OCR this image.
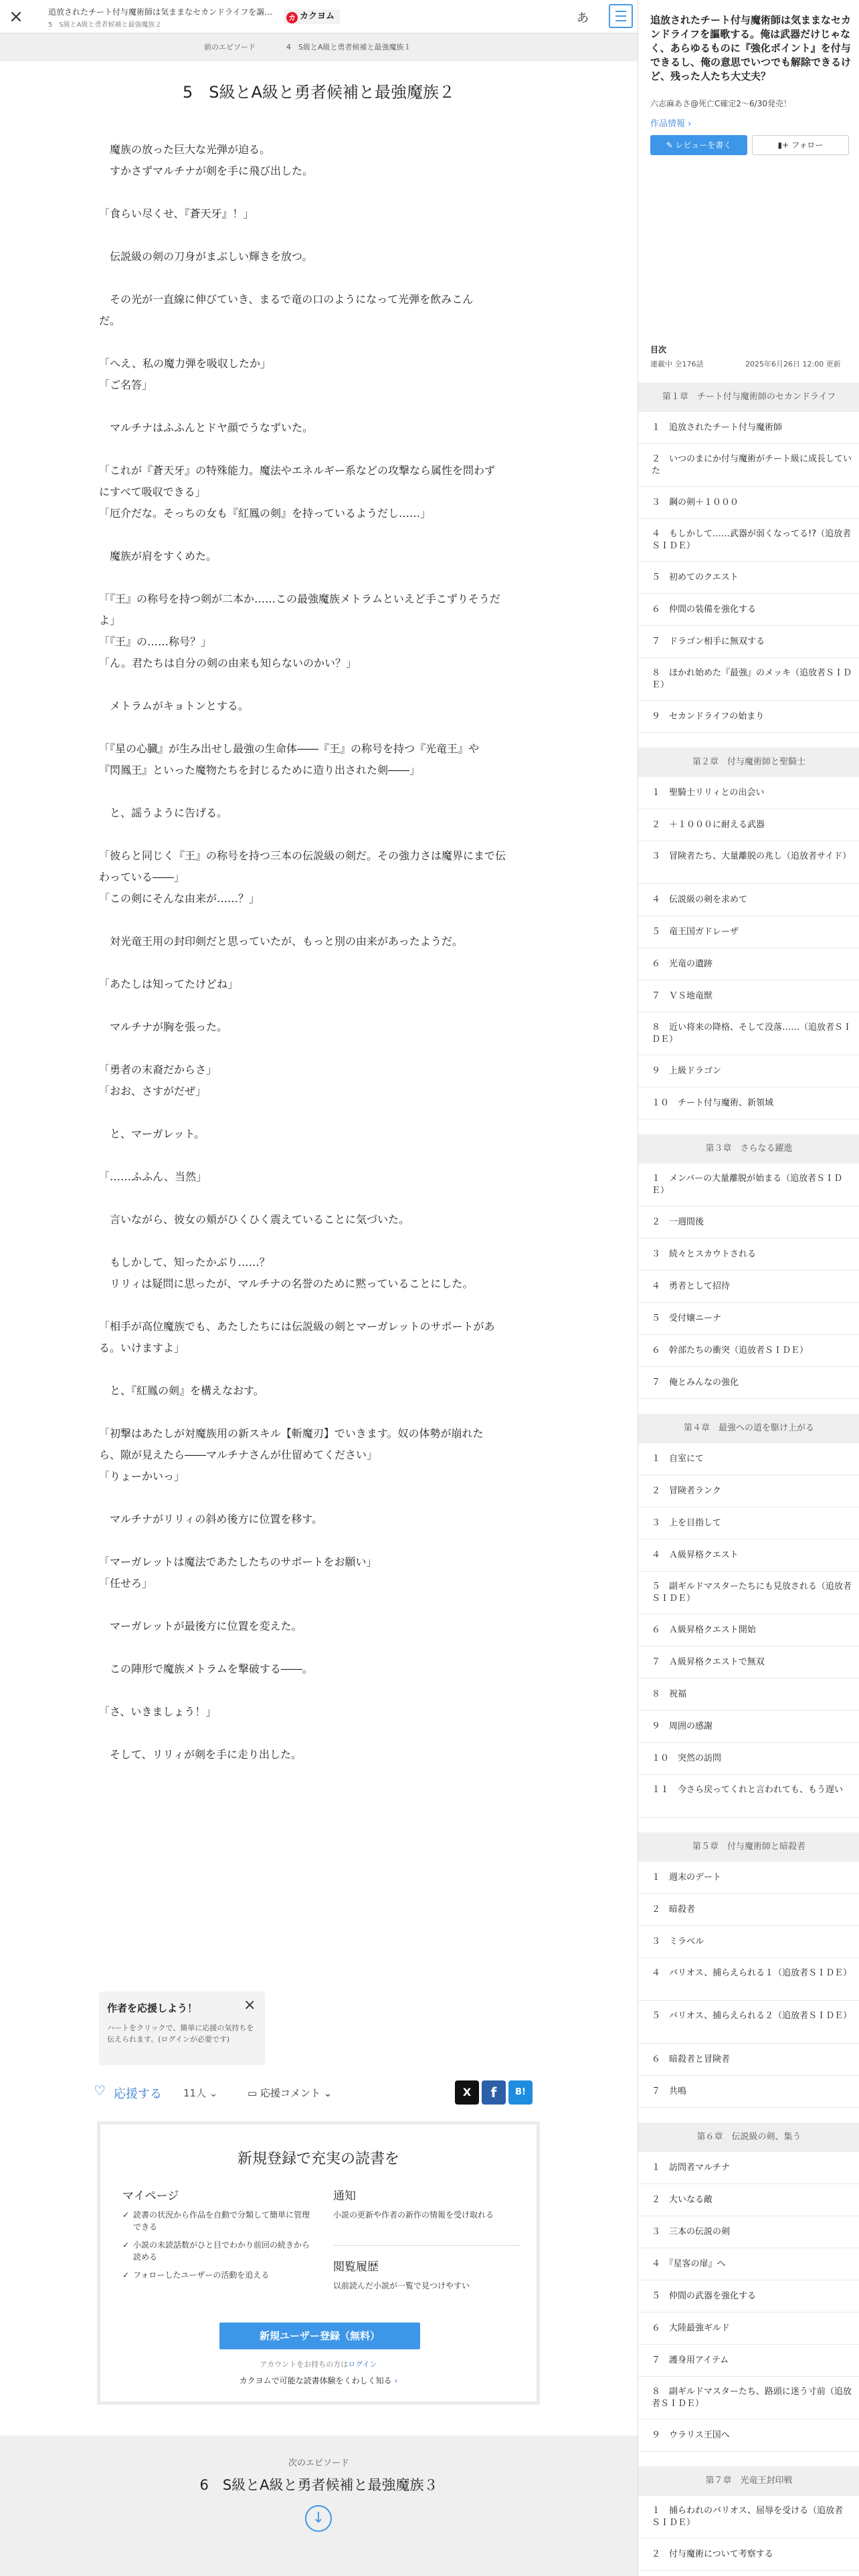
×	追放されたチート付与魔術師は気ままなセカンドライフを謳…
5　S級とA級と勇者候補と最強魔族２
カ カクヨム	あ
前のエピソード	4　S級とA級と勇者候補と最強魔族１
5　S級とA級と勇者候補と最強魔族２

　魔族の放った巨大な光弾が迫る。

　すかさずマルチナが剣を手に飛び出した。

「食らい尽くせ、『蒼天牙』！」

　伝説級の剣の刀身がまぶしい輝きを放つ。

　その光が一直線に伸びていき、まるで竜の口のようになって光弾を飲みこん

だ。

「へえ、私の魔力弾を吸収したか」

「ご名答」

　マルチナはふふんとドヤ顔でうなずいた。

「これが『蒼天牙』の特殊能力。魔法やエネルギー系などの攻撃なら属性を問わず

にすべて吸収できる」

「厄介だな。そっちの女も『紅鳳の剣』を持っているようだし……」

　魔族が肩をすくめた。

「『王』の称号を持つ剣が二本か……この最強魔族メトラムといえど手こずりそうだ

よ」

「『王』の……称号？」

「ん。君たちは自分の剣の由来も知らないのかい？」

　メトラムがキョトンとする。

「『星の心臓』が生み出せし最強の生命体――『王』の称号を持つ『光竜王』や

『閃鳳王』といった魔物たちを封じるために造り出された剣――」

　と、謡うように告げる。

「彼らと同じく『王』の称号を持つ三本の伝説級の剣だ。その強力さは魔界にまで伝

わっている――」

「この剣にそんな由来が……？」

　対光竜王用の封印剣だと思っていたが、もっと別の由来があったようだ。

「あたしは知ってたけどね」

　マルチナが胸を張った。

「勇者の末裔だからさ」

「おお、さすがだぜ」

　と、マーガレット。

「……ふふん、当然」

　言いながら、彼女の頬がひくひく震えていることに気づいた。

　もしかして、知ったかぶり……？

　リリィは疑問に思ったが、マルチナの名誉のために黙っていることにした。

「相手が高位魔族でも、あたしたちには伝説級の剣とマーガレットのサポートがあ

る。いけますよ」

　と、『紅鳳の剣』を構えなおす。

「初撃はあたしが対魔族用の新スキル【斬魔刃】でいきます。奴の体勢が崩れた

ら、隙が見えたら――マルチナさんが仕留めてください」

「りょーかいっ」

　マルチナがリリィの斜め後方に位置を移す。

「マーガレットは魔法であたしたちのサポートをお願い」

「任せろ」

　マーガレットが最後方に位置を変えた。

　この陣形で魔族メトラムを撃破する――。

「さ、いきましょう！」

　そして、リリィが剣を手に走り出した。

作者を応援しよう！	×
ハートをクリックで、簡単に応援の気持ちを伝えられます。(ログインが必要です)
♡ 応援する 11人 ⌄	▭ 応援コメント ⌄	X	f	B!
新規登録で充実の読書を
マイページ
✓ 読書の状況から作品を自動で分類して簡単に管理できる
✓ 小説の未読話数がひと目でわかり前回の続きから読める
✓ フォローしたユーザーの活動を追える
通知
小説の更新や作者の新作の情報を受け取れる
閲覧履歴
以前読んだ小説が一覧で見つけやすい
新規ユーザー登録（無料）
アカウントをお持ちの方はログイン
カクヨムで可能な読書体験をくわしく知る ›
次のエピソード
6　S級とA級と勇者候補と最強魔族３
↓
追放されたチート付与魔術師は気ままなセカンドライフを謳歌する。俺は武器だけじゃなく、あらゆるものに『強化ポイント』を付与できるし、俺の意思でいつでも解除できるけど、残った人たち大丈夫？
六志麻あさ@死亡C確定2〜6/30発売！
作品情報 ›
✎ レビューを書く	▮+ フォロー
目次
連載中 全176話	2025年6月26日 12:00 更新
第１章　チート付与魔術師のセカンドライフ
１　追放されたチート付与魔術師
２　いつのまにか付与魔術がチート級に成長していた
３　鋼の剣＋１０００
４　もしかして……武器が弱くなってる!?（追放者ＳＩＤＥ）
５　初めてのクエスト
６　仲間の装備を強化する
７　ドラゴン相手に無双する
８　ほかれ始めた『最強』のメッキ（追放者ＳＩＤＥ）
９　セカンドライフの始まり
第２章　付与魔術師と聖騎士
１　聖騎士リリィとの出会い
２　＋１０００に耐える武器
３　冒険者たち、大量離脱の兆し（追放者サイド）
４　伝説級の剣を求めて
５　竜王国ガドレーザ
６　光竜の遺跡
７　ＶＳ地竜獣
８　近い将来の降格、そして没落……（追放者ＳＩＤＥ）
９　上級ドラゴン
１０　チート付与魔術、新領域
第３章　さらなる躍進
１　メンバーの大量離脱が始まる（追放者ＳＩＤＥ）
２　一週間後
３　続々とスカウトされる
４　勇者として招待
５　受付嬢ニーナ
６　幹部たちの衝突（追放者ＳＩＤＥ）
７　俺とみんなの強化
第４章　最強への道を駆け上がる
１　自室にて
２　冒険者ランク
３　上を目指して
４　Ａ級昇格クエスト
５　副ギルドマスターたちにも見放される（追放者ＳＩＤＥ）
６　Ａ級昇格クエスト開始
７　Ａ級昇格クエストで無双
８　祝福
９　周囲の感謝
１０　突然の訪問
１１　今さら戻ってくれと言われても、もう遅い
第５章　付与魔術師と暗殺者
１　週末のデート
２　暗殺者
３　ミラベル
４　バリオス、捕らえられる１（追放者ＳＩＤＥ）
５　バリオス、捕らえられる２（追放者ＳＩＤＥ）
６　暗殺者と冒険者
７　共鳴
第６章　伝説級の剣、集う
１　訪問者マルチナ
２　大いなる敵
３　三本の伝説の剣
４　『星客の扉』へ
５　仲間の武器を強化する
６　大陸最強ギルド
７　護身用アイテム
８　副ギルドマスターたち、路頭に迷う寸前（追放者ＳＩＤＥ）
９　ウラリス王国へ
第７章　光竜王封印戦
１　捕らわれのバリオス、屈辱を受ける（追放者ＳＩＤＥ）
２　付与魔術について考察する
